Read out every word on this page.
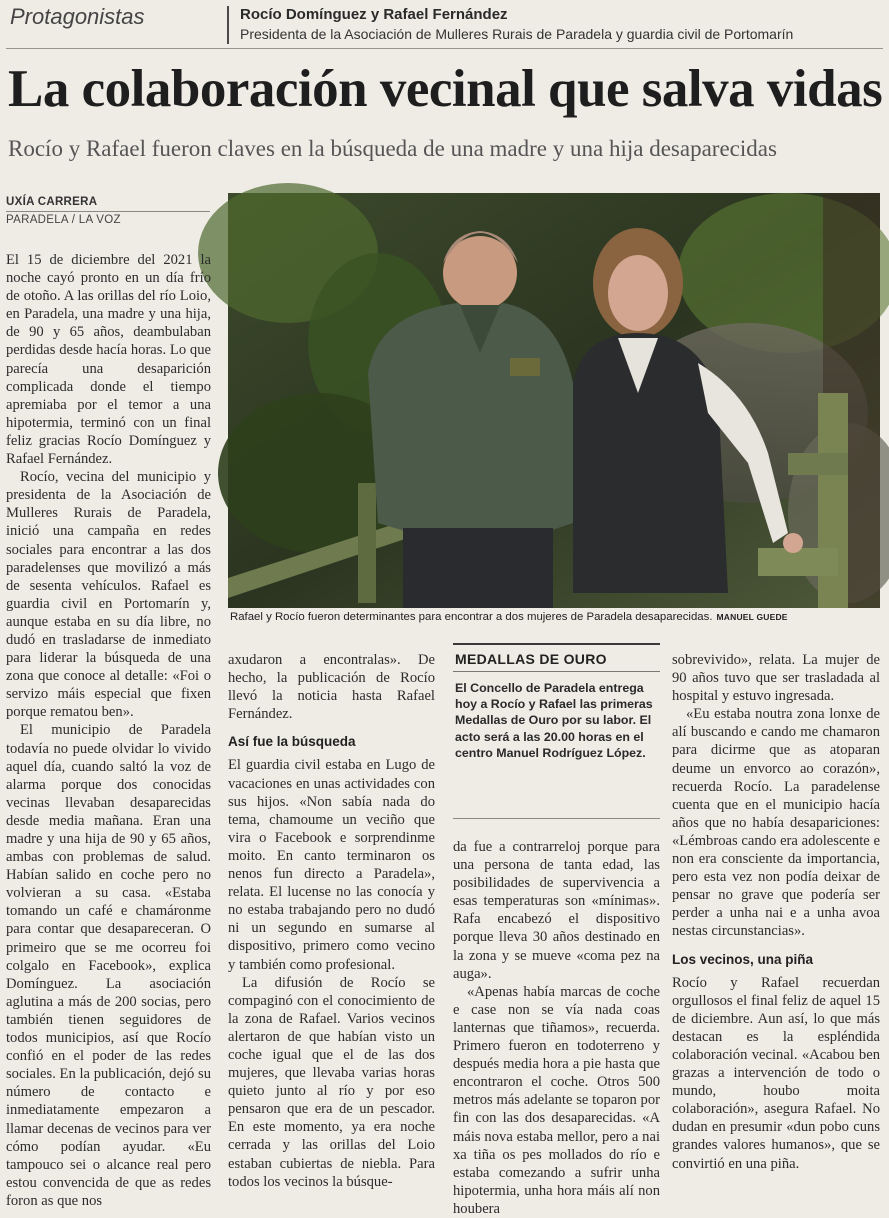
Protagonistas	Rocío Domínguez y Rafael Fernández
Presidenta de la Asociación de Mulleres Rurais de Paradela y guardia civil de Portomarín
La colaboración vecinal que salva vidas
Rocío y Rafael fueron claves en la búsqueda de una madre y una hija desaparecidas
UXÍA CARRERA
PARADELA / LA VOZ
Rafael y Rocío fueron determinantes para encontrar a dos mujeres de Paradela desaparecidas. MANUEL GUEDE

El 15 de diciembre del 2021 la noche cayó pronto en un día frío de otoño. A las orillas del río Loio, en Paradela, una madre y una hija, de 90 y 65 años, deambulaban perdidas desde hacía horas. Lo que parecía una desaparición complicada donde el tiempo apremiaba por el temor a una hipotermia, terminó con un final feliz gracias Rocío Domínguez y Rafael Fernández.

Rocío, vecina del municipio y presidenta de la Asociación de Mulleres Rurais de Paradela, inició una campaña en redes sociales para encontrar a las dos paradelenses que movilizó a más de sesenta vehículos. Rafael es guardia civil en Portomarín y, aunque estaba en su día libre, no dudó en trasladarse de inmediato para liderar la búsqueda de una zona que conoce al detalle: «Foi o servizo máis especial que fixen porque rematou ben».

El municipio de Paradela todavía no puede olvidar lo vivido aquel día, cuando saltó la voz de alarma porque dos conocidas vecinas llevaban desaparecidas desde media mañana. Eran una madre y una hija de 90 y 65 años, ambas con problemas de salud. Habían salido en coche pero no volvieran a su casa. «Estaba tomando un café e chamáronme para contar que desapareceran. O primeiro que se me ocorreu foi colgalo en Facebook», explica Domínguez. La asociación aglutina a más de 200 socias, pero también tienen seguidores de todos municipios, así que Rocío confió en el poder de las redes sociales. En la publicación, dejó su número de contacto e inmediatamente empezaron a llamar decenas de vecinos para ver cómo podían ayudar. «Eu tampouco sei o alcance real pero estou convencida de que as redes foron as que nos

axudaron a encontralas». De hecho, la publicación de Rocío llevó la noticia hasta Rafael Fernández.

Así fue la búsqueda

El guardia civil estaba en Lugo de vacaciones en unas actividades con sus hijos. «Non sabía nada do tema, chamoume un veciño que vira o Facebook e sorprendinme moito. En canto terminaron os nenos fun directo a Paradela», relata. El lucense no las conocía y no estaba trabajando pero no dudó ni un segundo en sumarse al dispositivo, primero como vecino y también como profesional.

La difusión de Rocío se compaginó con el conocimiento de la zona de Rafael. Varios vecinos alertaron de que habían visto un coche igual que el de las dos mujeres, que llevaba varias horas quieto junto al río y por eso pensaron que era de un pescador. En este momento, ya era noche cerrada y las orillas del Loio estaban cubiertas de niebla. Para todos los vecinos la búsque-

MEDALLAS DE OURO
El Concello de Paradela entrega hoy a Rocío y Rafael las primeras Medallas de Ouro por su labor. El acto será a las 20.00 horas en el centro Manuel Rodríguez López.

da fue a contrarreloj porque para una persona de tanta edad, las posibilidades de supervivencia a esas temperaturas son «mínimas». Rafa encabezó el dispositivo porque lleva 30 años destinado en la zona y se mueve «coma pez na auga».

«Apenas había marcas de coche e case non se vía nada coas lanternas que tiñamos», recuerda. Primero fueron en todoterreno y después media hora a pie hasta que encontraron el coche. Otros 500 metros más adelante se toparon por fin con las dos desaparecidas. «A máis nova estaba mellor, pero a nai xa tiña os pes mollados do río e estaba comezando a sufrir unha hipotermia, unha hora máis alí non houbera

sobrevivido», relata. La mujer de 90 años tuvo que ser trasladada al hospital y estuvo ingresada.

«Eu estaba noutra zona lonxe de alí buscando e cando me chamaron para dicirme que as atoparan deume un envorco ao corazón», recuerda Rocío. La paradelense cuenta que en el municipio hacía años que no había desapariciones: «Lémbroas cando era adolescente e non era consciente da importancia, pero esta vez non podía deixar de pensar no grave que podería ser perder a unha nai e a unha avoa nestas circunstancias».

Los vecinos, una piña

Rocío y Rafael recuerdan orgullosos el final feliz de aquel 15 de diciembre. Aun así, lo que más destacan es la espléndida colaboración vecinal. «Acabou ben grazas a intervención de todo o mundo, houbo moita colaboración», asegura Rafael. No dudan en presumir «dun pobo cuns grandes valores humanos», que se convirtió en una piña.
